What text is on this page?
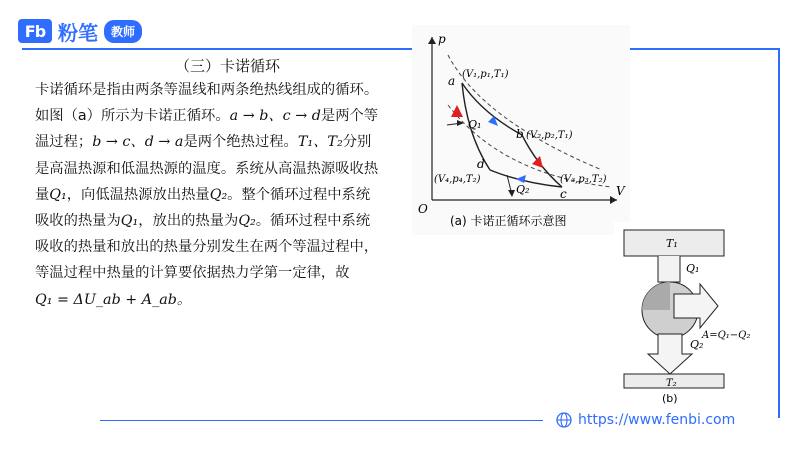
Fb 粉笔	教师
（三）卡诺循环
卡诺循环是指由两条等温线和两条绝热线组成的循环。
如图（a）所示为卡诺正循环。a → b、c → d是两个等
温过程；b → c、d → a是两个绝热过程。T₁、T₂分别
是高温热源和低温热源的温度。系统从高温热源吸收热
量Q₁，向低温热源放出热量Q₂。整个循环过程中系统
吸收的热量为Q₁，放出的热量为Q₂。循环过程中系统
吸收的热量和放出的热量分别发生在两个等温过程中，
等温过程中热量的计算要依据热力学第一定律，故
Q₁ = ΔU_ab + A_ab。
p
V
O
a
b
c
d
(V₁,p₁,T₁)
(V₂,p₂,T₁)
(V₃,p₃,T₂)
(V₄,p₄,T₂)
Q₁
Q₂
(a) 卡诺正循环示意图
T₁
Q₁
A=Q₁−Q₂
Q₂
T₂
(b)
https://www.fenbi.com
